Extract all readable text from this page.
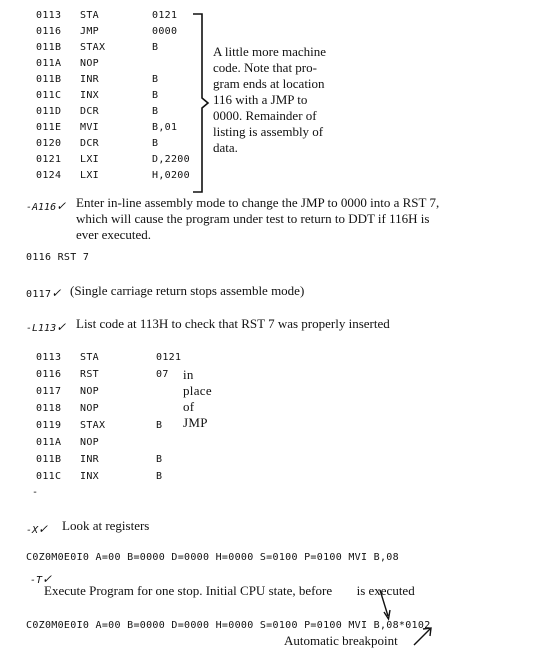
0113 STA	0121
0116 JMP	0000
011B STAX	B
011A NOP
011B INR	B
011C INX	B
011D DCR	B
011E MVI	B,01
0120 DCR	B
0121 LXI	D,2200
0124 LXI	H,0200
A little more machine
code. Note that pro-
gram ends at location
116 with a JMP to
0000. Remainder of
listing is assembly of
data.
-A116✓ Enter in-line assembly mode to change the JMP to 0000 into a RST 7,
which will cause the program under test to return to DDT if 116H is
ever executed.
0116 RST 7
0117✓ (Single carriage return stops assemble mode)
-L113✓ List code at 113H to check that RST 7 was properly inserted
0113 STA	0121
0116 RST	07 in place of JMP
0117 NOP
0118 NOP
0119 STAX	B
011A NOP
011B INR	B
011C INX	B
-
-X✓ Look at registers
C0Z0M0E0I0 A=00 B=0000 D=0000 H=0000 S=0100 P=0100 MVI B,08
-T✓
Execute Program for one stop. Initial CPU state, before is executed
C0Z0M0E0I0 A=00 B=0000 D=0000 H=0000 S=0100 P=0100 MVI B,08*0102
Automatic breakpoint
